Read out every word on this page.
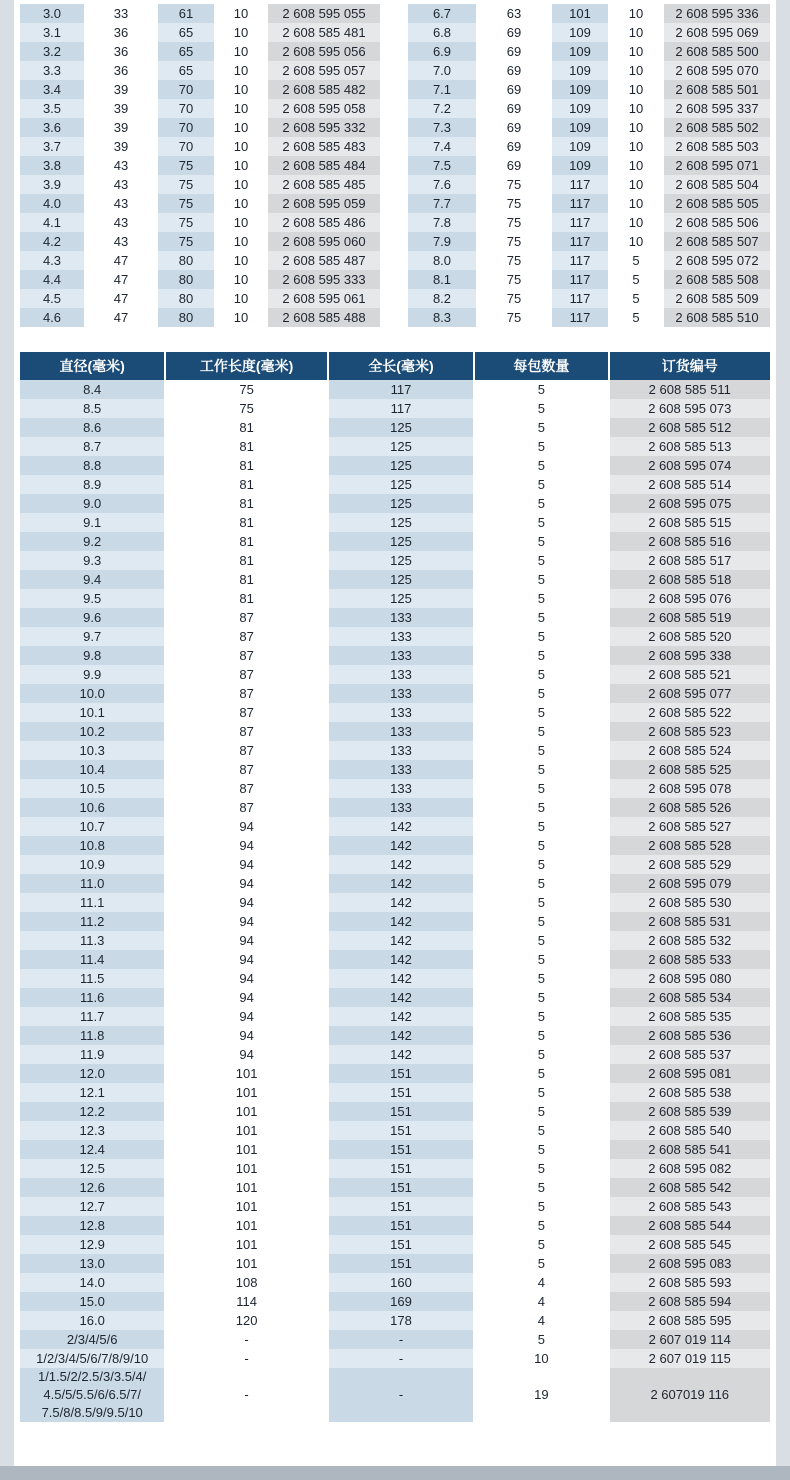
3.0	33	61	10	2 608 595 055
3.1	36	65	10	2 608 585 481
3.2	36	65	10	2 608 595 056
3.3	36	65	10	2 608 595 057
3.4	39	70	10	2 608 585 482
3.5	39	70	10	2 608 595 058
3.6	39	70	10	2 608 595 332
3.7	39	70	10	2 608 585 483
3.8	43	75	10	2 608 585 484
3.9	43	75	10	2 608 585 485
4.0	43	75	10	2 608 595 059
4.1	43	75	10	2 608 585 486
4.2	43	75	10	2 608 595 060
4.3	47	80	10	2 608 585 487
4.4	47	80	10	2 608 595 333
4.5	47	80	10	2 608 595 061
4.6	47	80	10	2 608 585 488
6.7	63	101	10	2 608 595 336
6.8	69	109	10	2 608 595 069
6.9	69	109	10	2 608 585 500
7.0	69	109	10	2 608 595 070
7.1	69	109	10	2 608 585 501
7.2	69	109	10	2 608 595 337
7.3	69	109	10	2 608 585 502
7.4	69	109	10	2 608 585 503
7.5	69	109	10	2 608 595 071
7.6	75	117	10	2 608 585 504
7.7	75	117	10	2 608 585 505
7.8	75	117	10	2 608 585 506
7.9	75	117	10	2 608 585 507
8.0	75	117	5	2 608 595 072
8.1	75	117	5	2 608 585 508
8.2	75	117	5	2 608 585 509
8.3	75	117	5	2 608 585 510
直径(毫米)	工作长度(毫米)	全长(毫米)	每包数量	订货编号
8.4	75	117	5	2 608 585 511
8.5	75	117	5	2 608 595 073
8.6	81	125	5	2 608 585 512
8.7	81	125	5	2 608 585 513
8.8	81	125	5	2 608 595 074
8.9	81	125	5	2 608 585 514
9.0	81	125	5	2 608 595 075
9.1	81	125	5	2 608 585 515
9.2	81	125	5	2 608 585 516
9.3	81	125	5	2 608 585 517
9.4	81	125	5	2 608 585 518
9.5	81	125	5	2 608 595 076
9.6	87	133	5	2 608 585 519
9.7	87	133	5	2 608 585 520
9.8	87	133	5	2 608 595 338
9.9	87	133	5	2 608 585 521
10.0	87	133	5	2 608 595 077
10.1	87	133	5	2 608 585 522
10.2	87	133	5	2 608 585 523
10.3	87	133	5	2 608 585 524
10.4	87	133	5	2 608 585 525
10.5	87	133	5	2 608 595 078
10.6	87	133	5	2 608 585 526
10.7	94	142	5	2 608 585 527
10.8	94	142	5	2 608 585 528
10.9	94	142	5	2 608 585 529
11.0	94	142	5	2 608 595 079
11.1	94	142	5	2 608 585 530
11.2	94	142	5	2 608 585 531
11.3	94	142	5	2 608 585 532
11.4	94	142	5	2 608 585 533
11.5	94	142	5	2 608 595 080
11.6	94	142	5	2 608 585 534
11.7	94	142	5	2 608 585 535
11.8	94	142	5	2 608 585 536
11.9	94	142	5	2 608 585 537
12.0	101	151	5	2 608 595 081
12.1	101	151	5	2 608 585 538
12.2	101	151	5	2 608 585 539
12.3	101	151	5	2 608 585 540
12.4	101	151	5	2 608 585 541
12.5	101	151	5	2 608 595 082
12.6	101	151	5	2 608 585 542
12.7	101	151	5	2 608 585 543
12.8	101	151	5	2 608 585 544
12.9	101	151	5	2 608 585 545
13.0	101	151	5	2 608 595 083
14.0	108	160	4	2 608 585 593
15.0	114	169	4	2 608 585 594
16.0	120	178	4	2 608 585 595
2/3/4/5/6	-	-	5	2 607 019 114
1/2/3/4/5/6/7/8/9/10	-	-	10	2 607 019 115
1/1.5/2/2.5/3/3.5/4/ 4.5/5/5.5/6/6.5/7/ 7.5/8/8.5/9/9.5/10	-	-	19	2 607019 116
